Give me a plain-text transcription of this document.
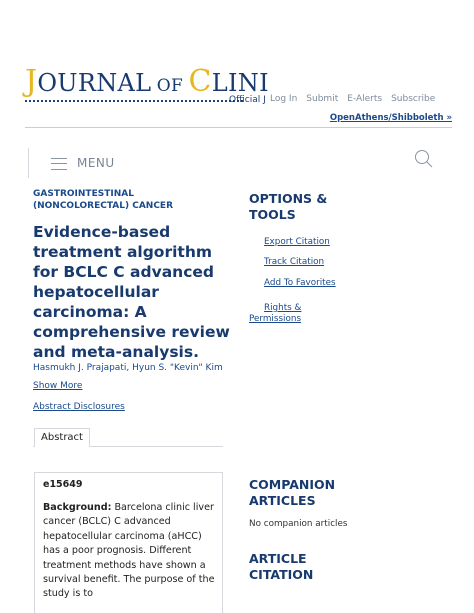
JOURNAL OF CLINI
Official J Log In Submit E-Alerts Subscribe
OpenAthens/Shibboleth »
MENU
GASTROINTESTINAL (NONCOLORECTAL) CANCER
Evidence-based treatment algorithm for BCLC C advanced hepatocellular carcinoma: A comprehensive review and meta-analysis.
Hasmukh J. Prajapati, Hyun S. "Kevin" Kim
Show More
Abstract Disclosures
Abstract
e15649
Background: Barcelona clinic liver cancer (BCLC) C advanced hepatocellular carcinoma (aHCC) has a poor prognosis. Different treatment methods have shown a survival benefit. The purpose of the study is to
OPTIONS & TOOLS
Export Citation
Track Citation
Add To Favorites
Rights &
Permissions
COMPANION ARTICLES
No companion articles
ARTICLE CITATION
